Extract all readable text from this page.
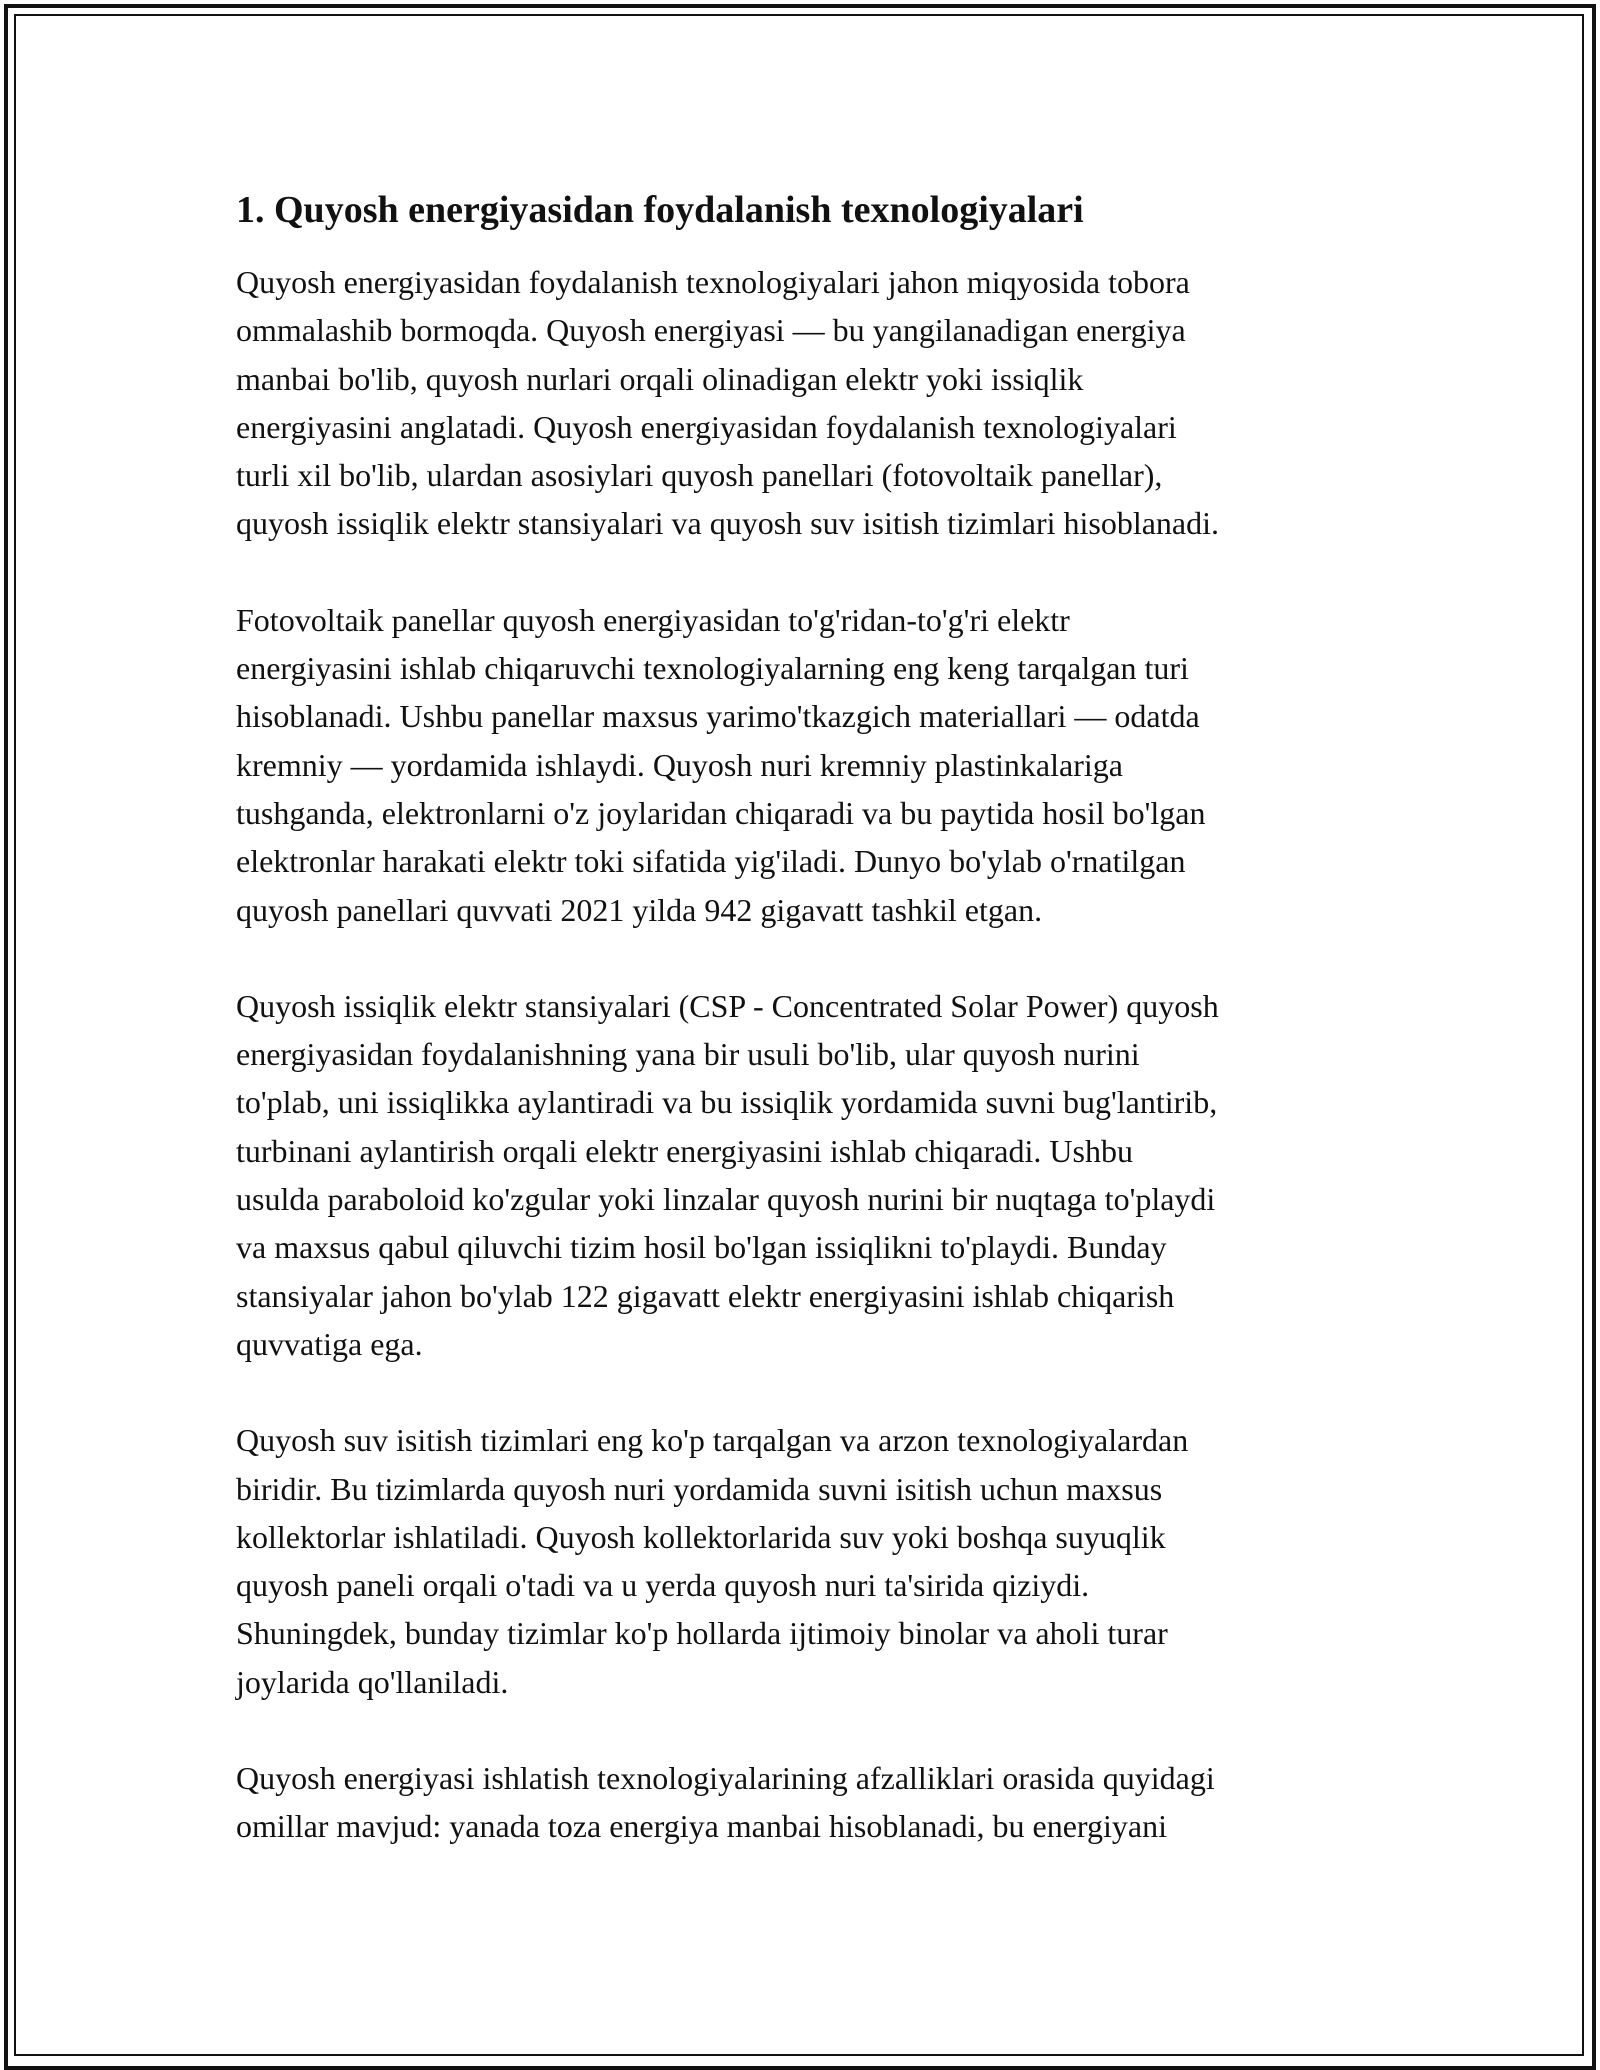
1. Quyosh energiyasidan foydalanish texnologiyalari
Quyosh energiyasidan foydalanish texnologiyalari jahon miqyosida tobora
ommalashib bormoqda. Quyosh energiyasi — bu yangilanadigan energiya
manbai bo'lib, quyosh nurlari orqali olinadigan elektr yoki issiqlik
energiyasini anglatadi. Quyosh energiyasidan foydalanish texnologiyalari
turli xil bo'lib, ulardan asosiylari quyosh panellari (fotovoltaik panellar),
quyosh issiqlik elektr stansiyalari va quyosh suv isitish tizimlari hisoblanadi.
Fotovoltaik panellar quyosh energiyasidan to'g'ridan-to'g'ri elektr
energiyasini ishlab chiqaruvchi texnologiyalarning eng keng tarqalgan turi
hisoblanadi. Ushbu panellar maxsus yarimo'tkazgich materiallari — odatda
kremniy — yordamida ishlaydi. Quyosh nuri kremniy plastinkalariga
tushganda, elektronlarni o'z joylaridan chiqaradi va bu paytida hosil bo'lgan
elektronlar harakati elektr toki sifatida yig'iladi. Dunyo bo'ylab o'rnatilgan
quyosh panellari quvvati 2021 yilda 942 gigavatt tashkil etgan.
Quyosh issiqlik elektr stansiyalari (CSP - Concentrated Solar Power) quyosh
energiyasidan foydalanishning yana bir usuli bo'lib, ular quyosh nurini
to'plab, uni issiqlikka aylantiradi va bu issiqlik yordamida suvni bug'lantirib,
turbinani aylantirish orqali elektr energiyasini ishlab chiqaradi. Ushbu
usulda paraboloid ko'zgular yoki linzalar quyosh nurini bir nuqtaga to'playdi
va maxsus qabul qiluvchi tizim hosil bo'lgan issiqlikni to'playdi. Bunday
stansiyalar jahon bo'ylab 122 gigavatt elektr energiyasini ishlab chiqarish
quvvatiga ega.
Quyosh suv isitish tizimlari eng ko'p tarqalgan va arzon texnologiyalardan
biridir. Bu tizimlarda quyosh nuri yordamida suvni isitish uchun maxsus
kollektorlar ishlatiladi. Quyosh kollektorlarida suv yoki boshqa suyuqlik
quyosh paneli orqali o'tadi va u yerda quyosh nuri ta'sirida qiziydi.
Shuningdek, bunday tizimlar ko'p hollarda ijtimoiy binolar va aholi turar
joylarida qo'llaniladi.
Quyosh energiyasi ishlatish texnologiyalarining afzalliklari orasida quyidagi
omillar mavjud: yanada toza energiya manbai hisoblanadi, bu energiyani
